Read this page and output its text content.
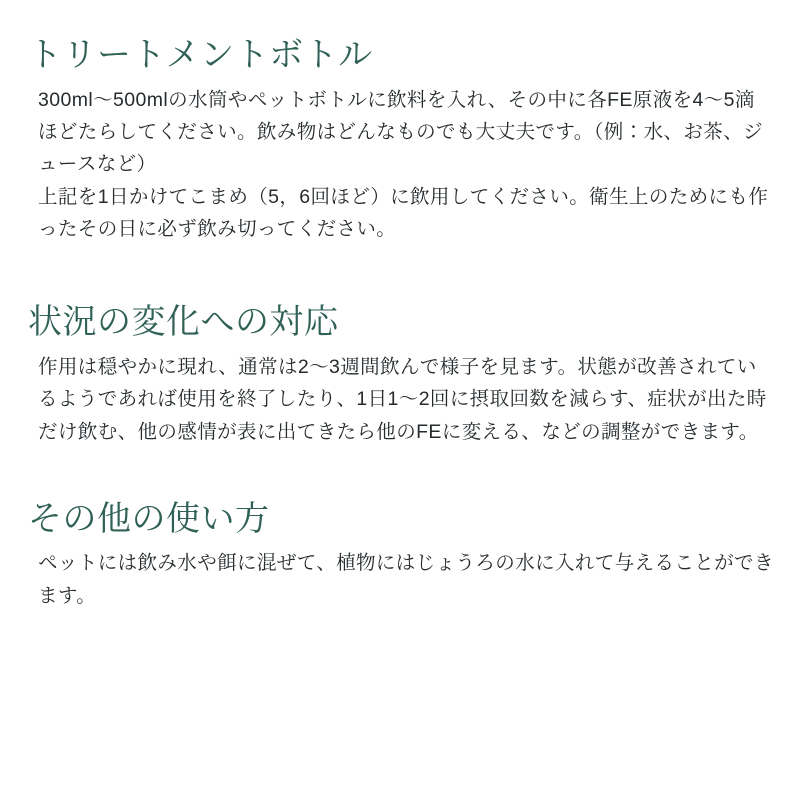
トリートメントボトル

300ml〜500mlの水筒やペットボトルに飲料を入れ、その中に各FE原液を4〜5滴ほどたらしてください。飲み物はどんなものでも大丈夫です。（例：水、お茶、ジュースなど）

上記を1日かけてこまめ（5，6回ほど）に飲用してください。衛生上のためにも作ったその日に必ず飲み切ってください。

状況の変化への対応

作用は穏やかに現れ、通常は2〜3週間飲んで様子を見ます。状態が改善されているようであれば使用を終了したり、1日1〜2回に摂取回数を減らす、症状が出た時だけ飲む、他の感情が表に出てきたら他のFEに変える、などの調整ができます。

その他の使い方

ペットには飲み水や餌に混ぜて、植物にはじょうろの水に入れて与えることができます。
